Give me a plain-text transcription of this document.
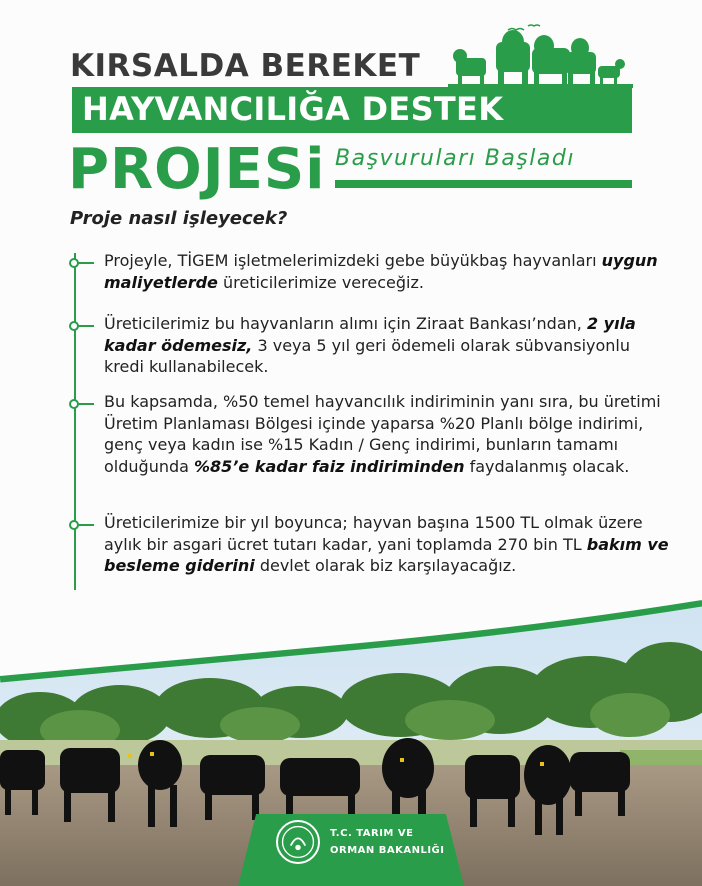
KIRSALDA BEREKET
HAYVANCILIĞA DESTEK
PROJESi Başvuruları Başladı
Proje nasıl işleyecek?
Projeyle, TİGEM işletmelerimizdeki gebe büyükbaş hayvanları uygun maliyetlerde üreticilerimize vereceğiz.
Üreticilerimiz bu hayvanların alımı için Ziraat Bankası’ndan, 2 yıla kadar ödemesiz, 3 veya 5 yıl geri ödemeli olarak sübvansiyonlu kredi kullanabilecek.
Bu kapsamda, %50 temel hayvancılık indiriminin yanı sıra, bu üretimi Üretim Planlaması Bölgesi içinde yaparsa %20 Planlı bölge indirimi, genç veya kadın ise %15 Kadın / Genç indirimi, bunların tamamı olduğunda %85’e kadar faiz indiriminden faydalanmış olacak.
Üreticilerimize bir yıl boyunca; hayvan başına 1500 TL olmak üzere aylık bir asgari ücret tutarı kadar, yani toplamda 270 bin TL bakım ve besleme giderini devlet olarak biz karşılayacağız.
T.C. TARIM VE
ORMAN BAKANLIĞI
